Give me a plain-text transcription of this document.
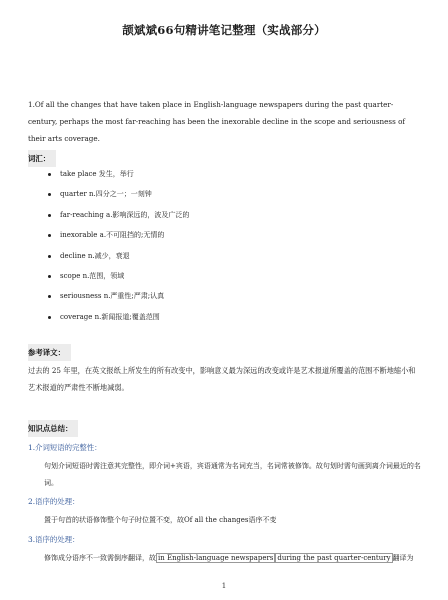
颉斌斌66句精讲笔记整理（实战部分）
1.Of all the changes that have taken place in English-language newspapers during the past quarter-century, perhaps the most far-reaching has been the inexorable decline in the scope and seriousness of their arts coverage.
词汇：
take place 发生，举行
quarter n.四分之一；一刻钟
far-reaching a.影响深远的，波及广泛的
inexorable a.不可阻挡的;无情的
decline n.减少，衰退
scope n.范围，领域
seriousness n.严重性;严肃;认真
coverage n.新闻报道;覆盖范围
参考译文：
过去的 25 年里，在英文报纸上所发生的所有改变中，影响意义最为深远的改变或许是艺术报道所覆盖的范围不断地缩小和艺术报道的严肃性不断地减弱。
知识点总结：
1.介词短语的完整性：
句划介词短语时需注意其完整性，即介词+宾语，宾语通常为名词充当，名词常被修饰。故句划时需句画到离介词最近的名词。
2.语序的处理：
置于句首的状语修饰整个句子时位置不变，故Of all the changes语序不变
3.语序的处理：
修饰成分语序不一致需倒序翻译，故 in English-language newspapers during the past quarter-century 翻译为
1
